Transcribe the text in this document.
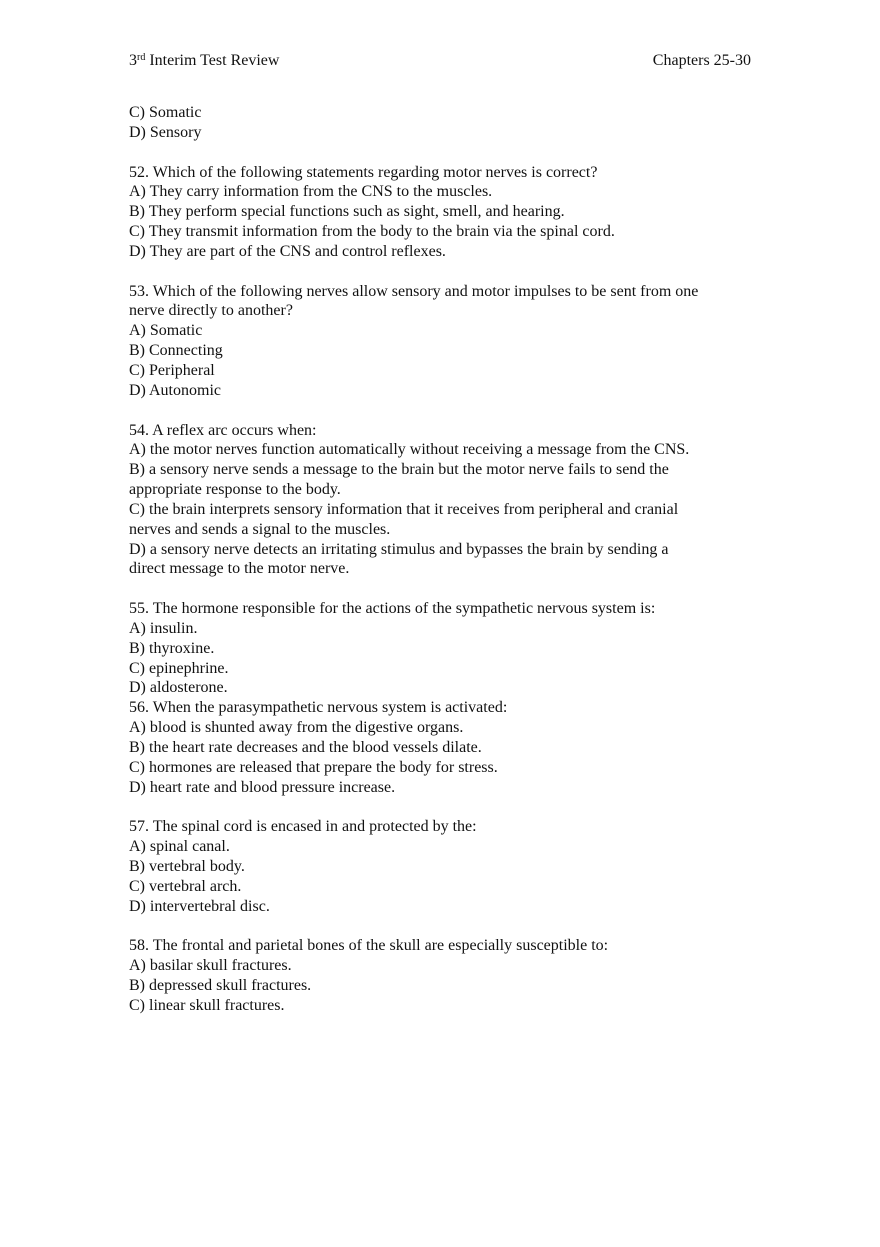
3rd Interim Test Review	Chapters 25-30
C) Somatic
D) Sensory
52. Which of the following statements regarding motor nerves is correct?
A) They carry information from the CNS to the muscles.
B) They perform special functions such as sight, smell, and hearing.
C) They transmit information from the body to the brain via the spinal cord.
D) They are part of the CNS and control reflexes.
53. Which of the following nerves allow sensory and motor impulses to be sent from one
nerve directly to another?
A) Somatic
B) Connecting
C) Peripheral
D) Autonomic
54. A reflex arc occurs when:
A) the motor nerves function automatically without receiving a message from the CNS.
B) a sensory nerve sends a message to the brain but the motor nerve fails to send the
appropriate response to the body.
C) the brain interprets sensory information that it receives from peripheral and cranial
nerves and sends a signal to the muscles.
D) a sensory nerve detects an irritating stimulus and bypasses the brain by sending a
direct message to the motor nerve.
55. The hormone responsible for the actions of the sympathetic nervous system is:
A) insulin.
B) thyroxine.
C) epinephrine.
D) aldosterone.
56. When the parasympathetic nervous system is activated:
A) blood is shunted away from the digestive organs.
B) the heart rate decreases and the blood vessels dilate.
C) hormones are released that prepare the body for stress.
D) heart rate and blood pressure increase.
57. The spinal cord is encased in and protected by the:
A) spinal canal.
B) vertebral body.
C) vertebral arch.
D) intervertebral disc.
58. The frontal and parietal bones of the skull are especially susceptible to:
A) basilar skull fractures.
B) depressed skull fractures.
C) linear skull fractures.
